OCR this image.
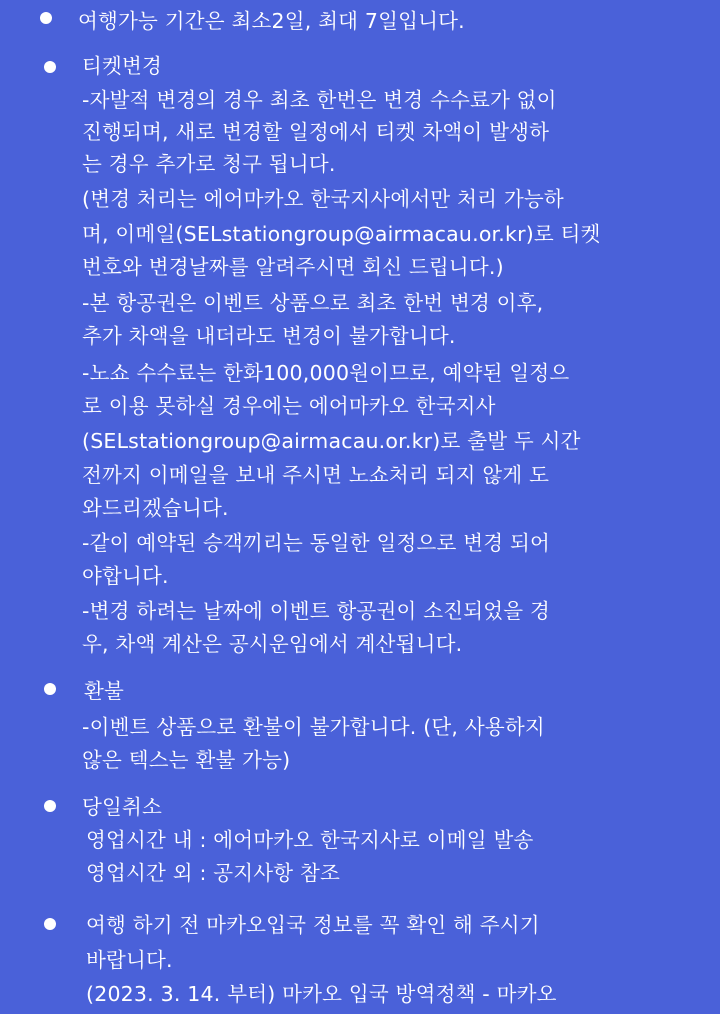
여행가능 기간은 최소2일, 최대 7일입니다.
티켓변경
-자발적 변경의 경우 최초 한번은 변경 수수료가 없이
진행되며, 새로 변경할 일정에서 티켓 차액이 발생하
는 경우 추가로 청구 됩니다.
(변경 처리는 에어마카오 한국지사에서만 처리 가능하
며, 이메일(SELstationgroup@airmacau.or.kr)로 티켓
번호와 변경날짜를 알려주시면 회신 드립니다.)
-본 항공권은 이벤트 상품으로 최초 한번 변경 이후,
추가 차액을 내더라도 변경이 불가합니다.
-노쇼 수수료는 한화100,000원이므로, 예약된 일정으
로 이용 못하실 경우에는 에어마카오 한국지사
(SELstationgroup@airmacau.or.kr)로 출발 두 시간
전까지 이메일을 보내 주시면 노쇼처리 되지 않게 도
와드리겠습니다.
-같이 예약된 승객끼리는 동일한 일정으로 변경 되어
야합니다.
-변경 하려는 날짜에 이벤트 항공권이 소진되었을 경
우, 차액 계산은 공시운임에서 계산됩니다.
환불
-이벤트 상품으로 환불이 불가합니다. (단, 사용하지
않은 텍스는 환불 가능)
당일취소
영업시간 내 : 에어마카오 한국지사로 이메일 발송
영업시간 외 : 공지사항 참조
여행 하기 전 마카오입국 정보를 꼭 확인 해 주시기
바랍니다.
(2023. 3. 14. 부터) 마카오 입국 방역정책 - 마카오
